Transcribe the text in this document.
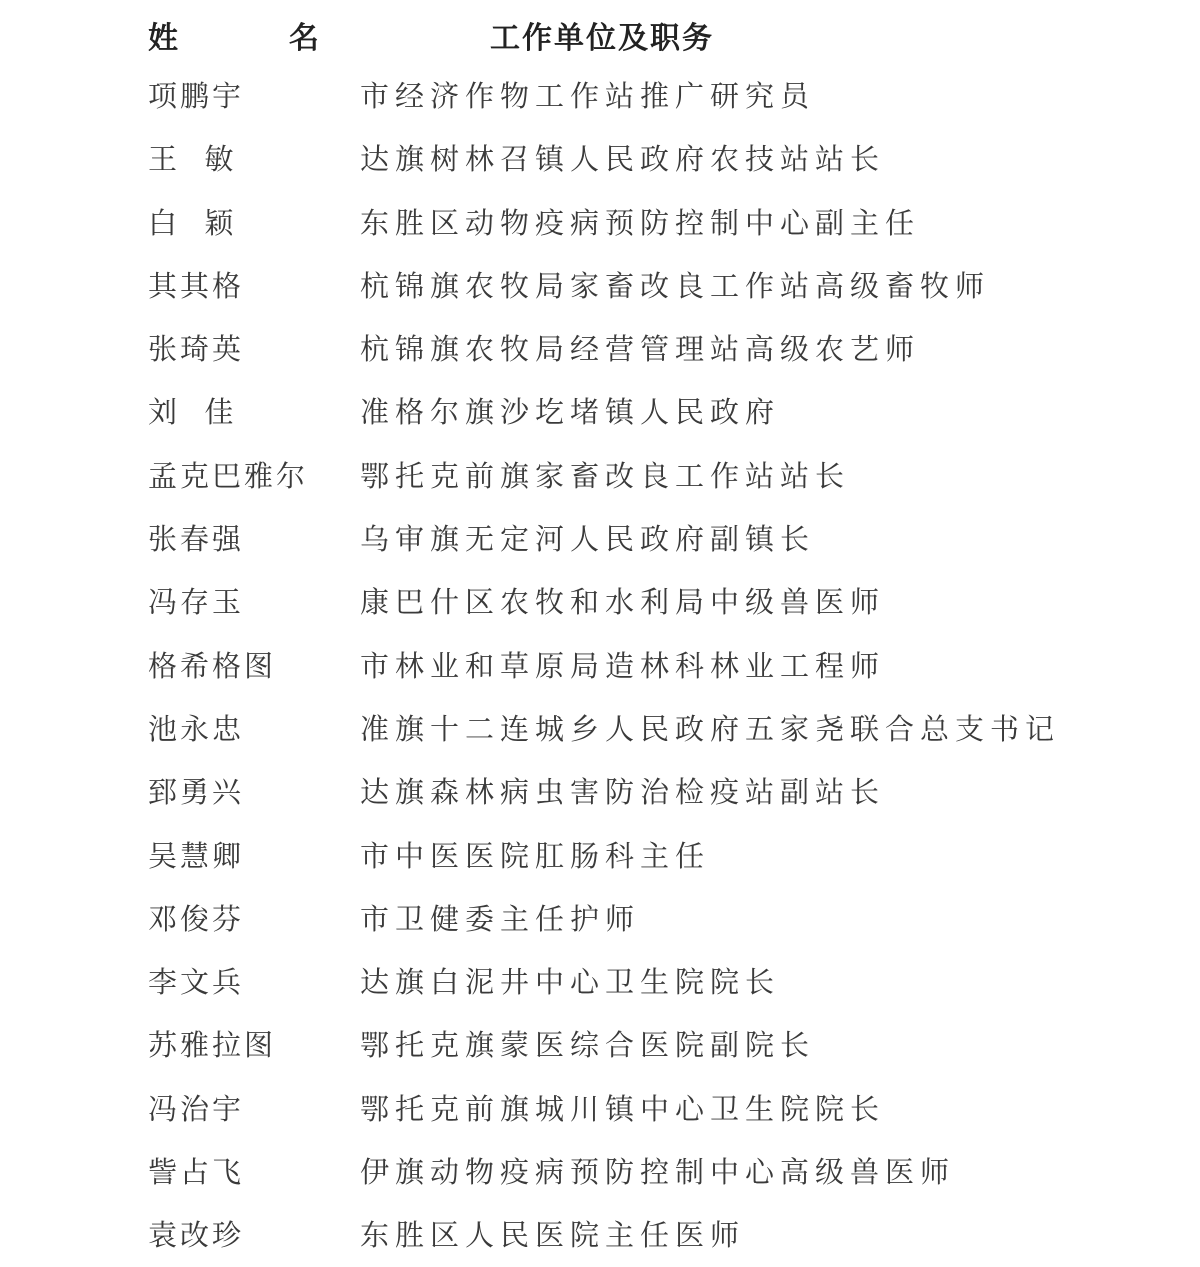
姓  名	工作单位及职务
项鹏宇	市经济作物工作站推广研究员
王  敏	达旗树林召镇人民政府农技站站长
白  颖	东胜区动物疫病预防控制中心副主任
其其格	杭锦旗农牧局家畜改良工作站高级畜牧师
张琦英	杭锦旗农牧局经营管理站高级农艺师
刘  佳	准格尔旗沙圪堵镇人民政府
孟克巴雅尔 鄂托克前旗家畜改良工作站站长
张春强	乌审旗无定河人民政府副镇长
冯存玉	康巴什区农牧和水利局中级兽医师
格希格图	市林业和草原局造林科林业工程师
池永忠	准旗十二连城乡人民政府五家尧联合总支书记
郅勇兴	达旗森林病虫害防治检疫站副站长
吴慧卿	市中医医院肛肠科主任
邓俊芬	市卫健委主任护师
李文兵	达旗白泥井中心卫生院院长
苏雅拉图	鄂托克旗蒙医综合医院副院长
冯治宇	鄂托克前旗城川镇中心卫生院院长
訾占飞	伊旗动物疫病预防控制中心高级兽医师
袁改珍	东胜区人民医院主任医师
